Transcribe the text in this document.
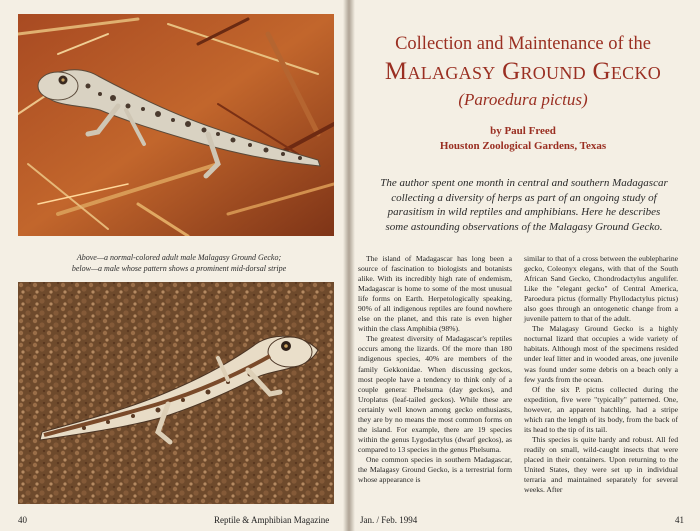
Above—a normal-colored adult male Malagasy Ground Gecko;
below—a male whose pattern shows a prominent mid-dorsal stripe
40	Reptile & Amphibian Magazine
Collection and Maintenance of the
Malagasy Ground Gecko
(Paroedura pictus)
by Paul Freed
Houston Zoological Gardens, Texas
The author spent one month in central and southern Madagascar
collecting a diversity of herps as part of an ongoing study of
parasitism in wild reptiles and amphibians. Here he describes
some astounding observations of the Malagasy Ground Gecko.

The island of Madagascar has long been a source of fascination to biologists and botanists alike. With its incredibly high rate of endemism, Madagascar is home to some of the most unusual life forms on Earth. Herpetologically speaking, 90% of all indigenous reptiles are found nowhere else on the planet, and this rate is even higher within the class Amphibia (98%).

The greatest diversity of Madagascar's reptiles occurs among the lizards. Of the more than 180 indigenous species, 40% are members of the family Gekkonidae. When discussing geckos, most people have a tendency to think only of a couple genera: Phelsuma (day geckos), and Uroplatus (leaf-tailed geckos). While these are certainly well known among gecko enthusiasts, they are by no means the most common forms on the island. For example, there are 19 species within the genus Lygodactylus (dwarf geckos), as compared to 13 species in the genus Phelsuma.

One common species in southern Madagascar, the Malagasy Ground Gecko, is a terrestrial form whose appearance is

similar to that of a cross between the eublepharine gecko, Coleonyx elegans, with that of the South African Sand Gecko, Chondrodactylus angulifer. Like the "elegant gecko" of Central America, Paroedura pictus (formally Phyllodactylus pictus) also goes through an ontogenetic change from a juvenile pattern to that of the adult.

The Malagasy Ground Gecko is a highly nocturnal lizard that occupies a wide variety of habitats. Although most of the specimens resided under leaf litter and in wooded areas, one juvenile was found under some debris on a beach only a few yards from the ocean.

Of the six P. pictus collected during the expedition, five were "typically" patterned. One, however, an apparent hatchling, had a stripe which ran the length of its body, from the back of its head to the tip of its tail.

This species is quite hardy and robust. All fed readily on small, wild-caught insects that were placed in their containers. Upon returning to the United States, they were set up in individual terraria and maintained separately for several weeks. After

Jan. / Feb. 1994	41
